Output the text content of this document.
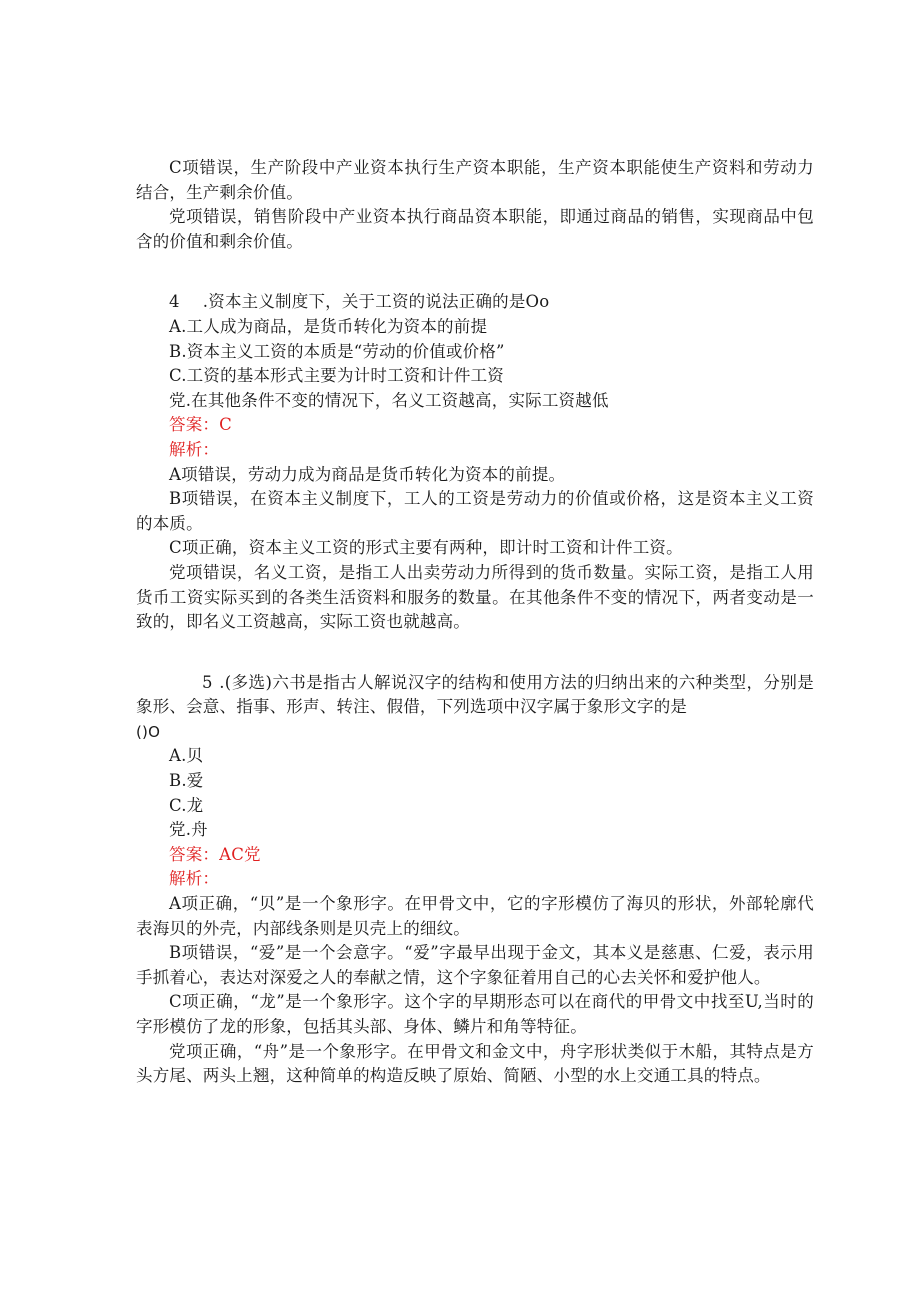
C项错误，生产阶段中产业资本执行生产资本职能，生产资本职能使生产资料和劳动力结合，生产剩余价值。

党项错误，销售阶段中产业资本执行商品资本职能，即通过商品的销售，实现商品中包含的价值和剩余价值。

4 .资本主义制度下，关于工资的说法正确的是Oo

A.工人成为商品，是货币转化为资本的前提

B.资本主义工资的本质是“劳动的价值或价格”

C.工资的基本形式主要为计时工资和计件工资

党.在其他条件不变的情况下，名义工资越高，实际工资越低

答案：C

解析：

A项错误，劳动力成为商品是货币转化为资本的前提。

B项错误，在资本主义制度下，工人的工资是劳动力的价值或价格，这是资本主义工资的本质。

C项正确，资本主义工资的形式主要有两种，即计时工资和计件工资。

党项错误，名义工资，是指工人出卖劳动力所得到的货币数量。实际工资，是指工人用货币工资实际买到的各类生活资料和服务的数量。在其他条件不变的情况下，两者变动是一致的，即名义工资越高，实际工资也就越高。

5 .(多选)六书是指古人解说汉字的结构和使用方法的归纳出来的六种类型，分别是象形、会意、指事、形声、转注、假借，下列选项中汉字属于象形文字的是

()O

A.贝

B.爱

C.龙

党.舟

答案：AC党

解析：

A项正确，“贝”是一个象形字。在甲骨文中，它的字形模仿了海贝的形状，外部轮廓代表海贝的外壳，内部线条则是贝壳上的细纹。

B项错误，“爱”是一个会意字。“爱”字最早出现于金文，其本义是慈惠、仁爱，表示用手抓着心，表达对深爱之人的奉献之情，这个字象征着用自己的心去关怀和爱护他人。

C项正确，“龙”是一个象形字。这个字的早期形态可以在商代的甲骨文中找至U,当时的字形模仿了龙的形象，包括其头部、身体、鳞片和角等特征。

党项正确，“舟”是一个象形字。在甲骨文和金文中，舟字形状类似于木船，其特点是方头方尾、两头上翘，这种简单的构造反映了原始、简陋、小型的水上交通工具的特点。
